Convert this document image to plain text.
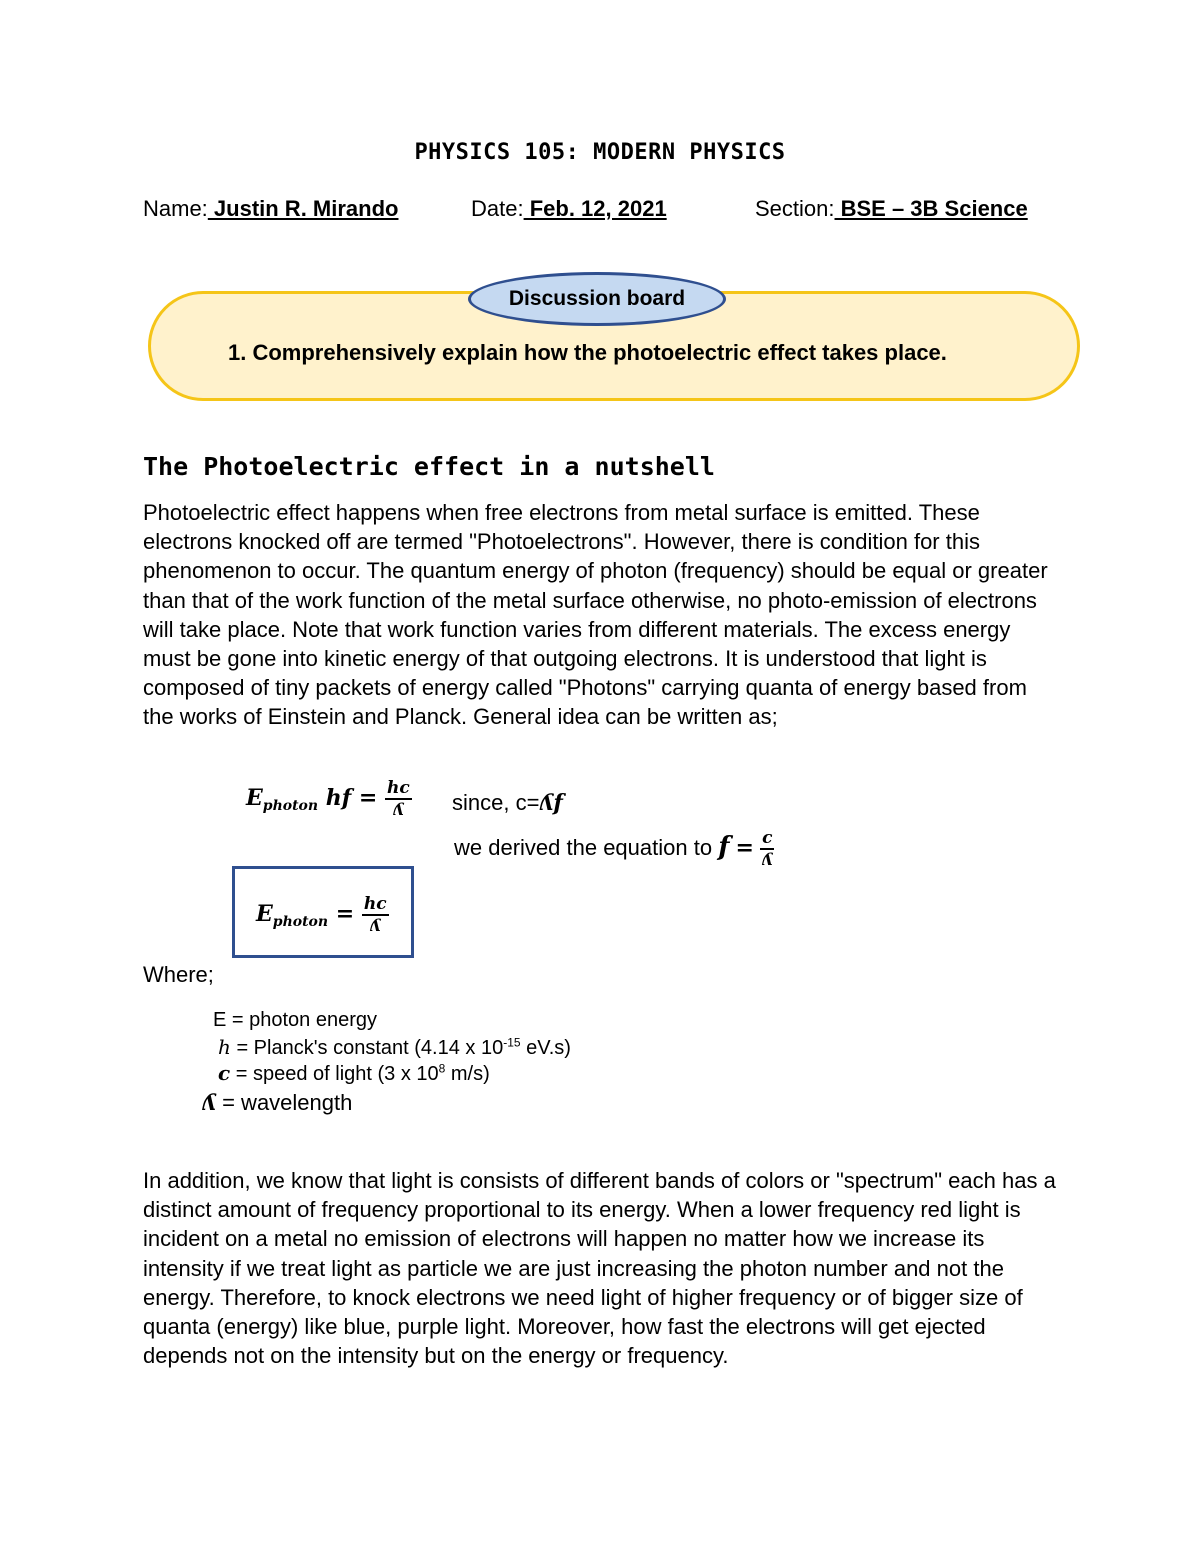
PHYSICS 105: MODERN PHYSICS
Name: Justin R. Mirando	Date: Feb. 12, 2021	Section: BSE – 3B Science
Discussion board
1. Comprehensively explain how the photoelectric effect takes place.
The Photoelectric effect in a nutshell
Photoelectric effect happens when free electrons from metal surface is emitted. These electrons knocked off are termed "Photoelectrons". However, there is condition for this phenomenon to occur. The quantum energy of photon (frequency) should be equal or greater than that of the work function of the metal surface otherwise, no photo-emission of electrons will take place. Note that work function varies from different materials. The excess energy must be gone into kinetic energy of that outgoing electrons. It is understood that light is composed of tiny packets of energy called "Photons" carrying quanta of energy based from the works of Einstein and Planck. General idea can be written as;
$E_{photon}$ hf = $\frac{hc}{\text{ʎ}}$ since, c=ʎf
we derived the equation to $f = \frac{c}{\text{ʎ}}$
$E_{photon} = \frac{hc}{\text{ʎ}}$
Where;
E = photon energy
h = Planck's constant (4.14 x $10^{-15}$ eV.s)
c = speed of light (3 x $10^8$ m/s)
ʎ = wavelength
In addition, we know that light is consists of different bands of colors or "spectrum" each has a distinct amount of frequency proportional to its energy. When a lower frequency red light is incident on a metal no emission of electrons will happen no matter how we increase its intensity if we treat light as particle we are just increasing the photon number and not the energy. Therefore, to knock electrons we need light of higher frequency or of bigger size of quanta (energy) like blue, purple light. Moreover, how fast the electrons will get ejected depends not on the intensity but on the energy or frequency.
